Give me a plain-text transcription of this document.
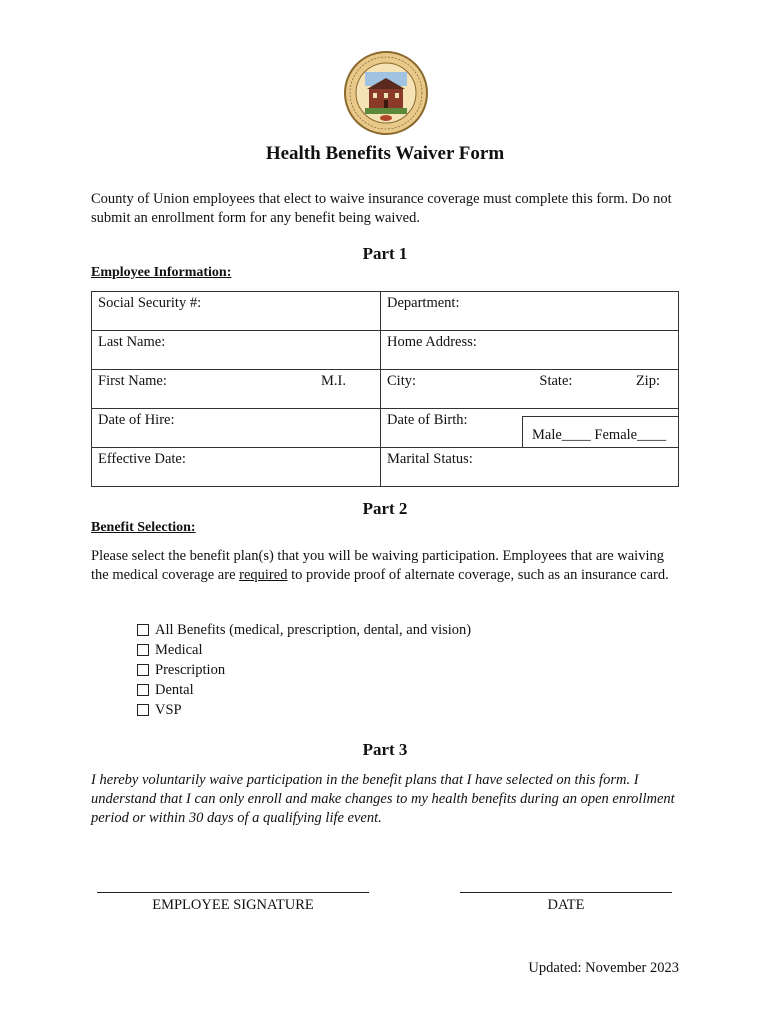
Health Benefits Waiver Form
County of Union employees that elect to waive insurance coverage must complete this form. Do not submit an enrollment form for any benefit being waived.
Part 1
Employee Information:
Social Security #:	Department:
Last Name:	Home Address:

First Name: M.I.	City: State: Zip:

Date of Hire:	Date of Birth:
Male____ Female____

Effective Date:	Marital Status:
Part 2
Benefit Selection:
Please select the benefit plan(s) that you will be waiving participation. Employees that are waiving the medical coverage are required to provide proof of alternate coverage, such as an insurance card.
All Benefits (medical, prescription, dental, and vision)
Medical
Prescription
Dental
VSP
Part 3
I hereby voluntarily waive participation in the benefit plans that I have selected on this form. I understand that I can only enroll and make changes to my health benefits during an open enrollment period or within 30 days of a qualifying life event.
EMPLOYEE SIGNATURE	DATE
Updated: November 2023
